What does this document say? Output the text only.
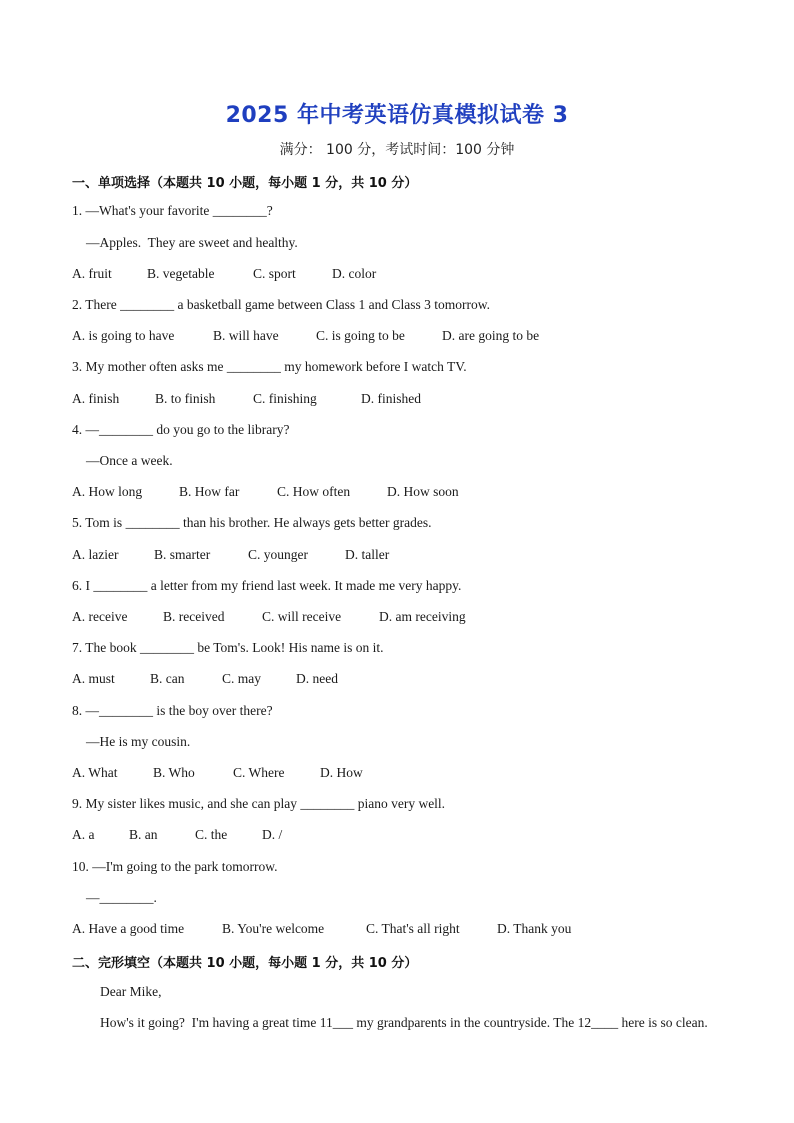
2025 年中考英语仿真模拟试卷 3
满分： 100 分，考试时间：100 分钟
一、单项选择（本题共 10 小题，每小题 1 分，共 10 分）
1. —What's your favorite ________?
—Apples.  They are sweet and healthy.

A. fruit

	B. vegetable

	C. sport

	D. color

2. There ________ a basketball game between Class 1 and Class 3 tomorrow.

A. is going to have

	B. will have

	C. is going to be

	D. are going to be

3. My mother often asks me ________ my homework before I watch TV.

A. finish

	B. to finish

	C. finishing

	D. finished

4. —________ do you go to the library?
—Once a week.

A. How long

	B. How far

	C. How often

	D. How soon

5. Tom is ________ than his brother. He always gets better grades.

A. lazier

	B. smarter

	C. younger

	D. taller

6. I ________ a letter from my friend last week. It made me very happy.

A. receive

	B. received

	C. will receive

	D. am receiving

7. The book ________ be Tom's. Look! His name is on it.

A. must

	B. can

	C. may

	D. need

8. —________ is the boy over there?
—He is my cousin.

A. What

	B. Who

	C. Where

	D. How

9. My sister likes music, and she can play ________ piano very well.

A. a

	B. an

	C. the

	D. /

10. —I'm going to the park tomorrow.
—________.

A. Have a good time

	B. You're welcome

	C. That's all right

	D. Thank you

二、完形填空（本题共 10 小题，每小题 1 分，共 10 分）
Dear Mike,
How's it going?  I'm having a great time 11___ my grandparents in the countryside. The 12____ here is so clean.
